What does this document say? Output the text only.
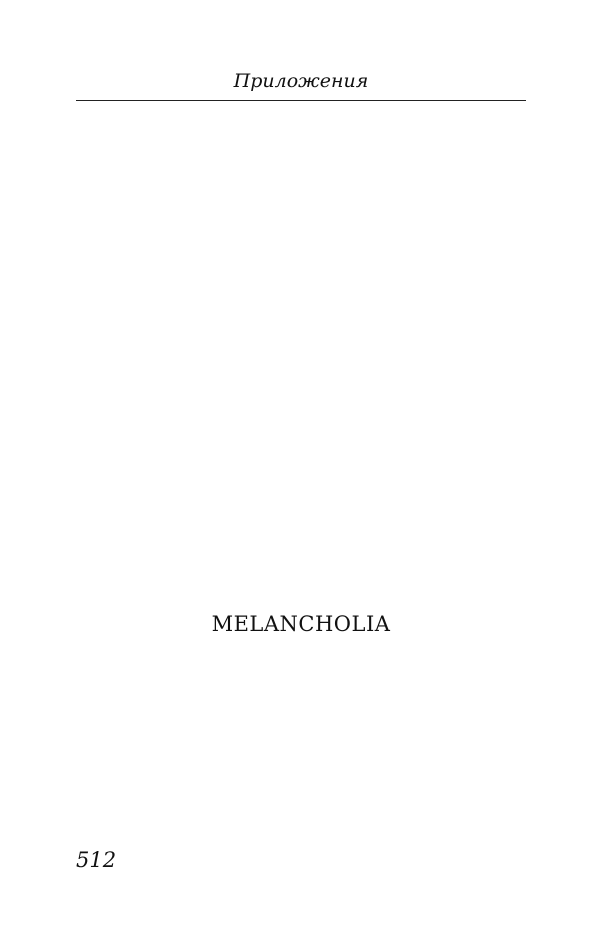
Приложения

MELANCHOLIA

512
